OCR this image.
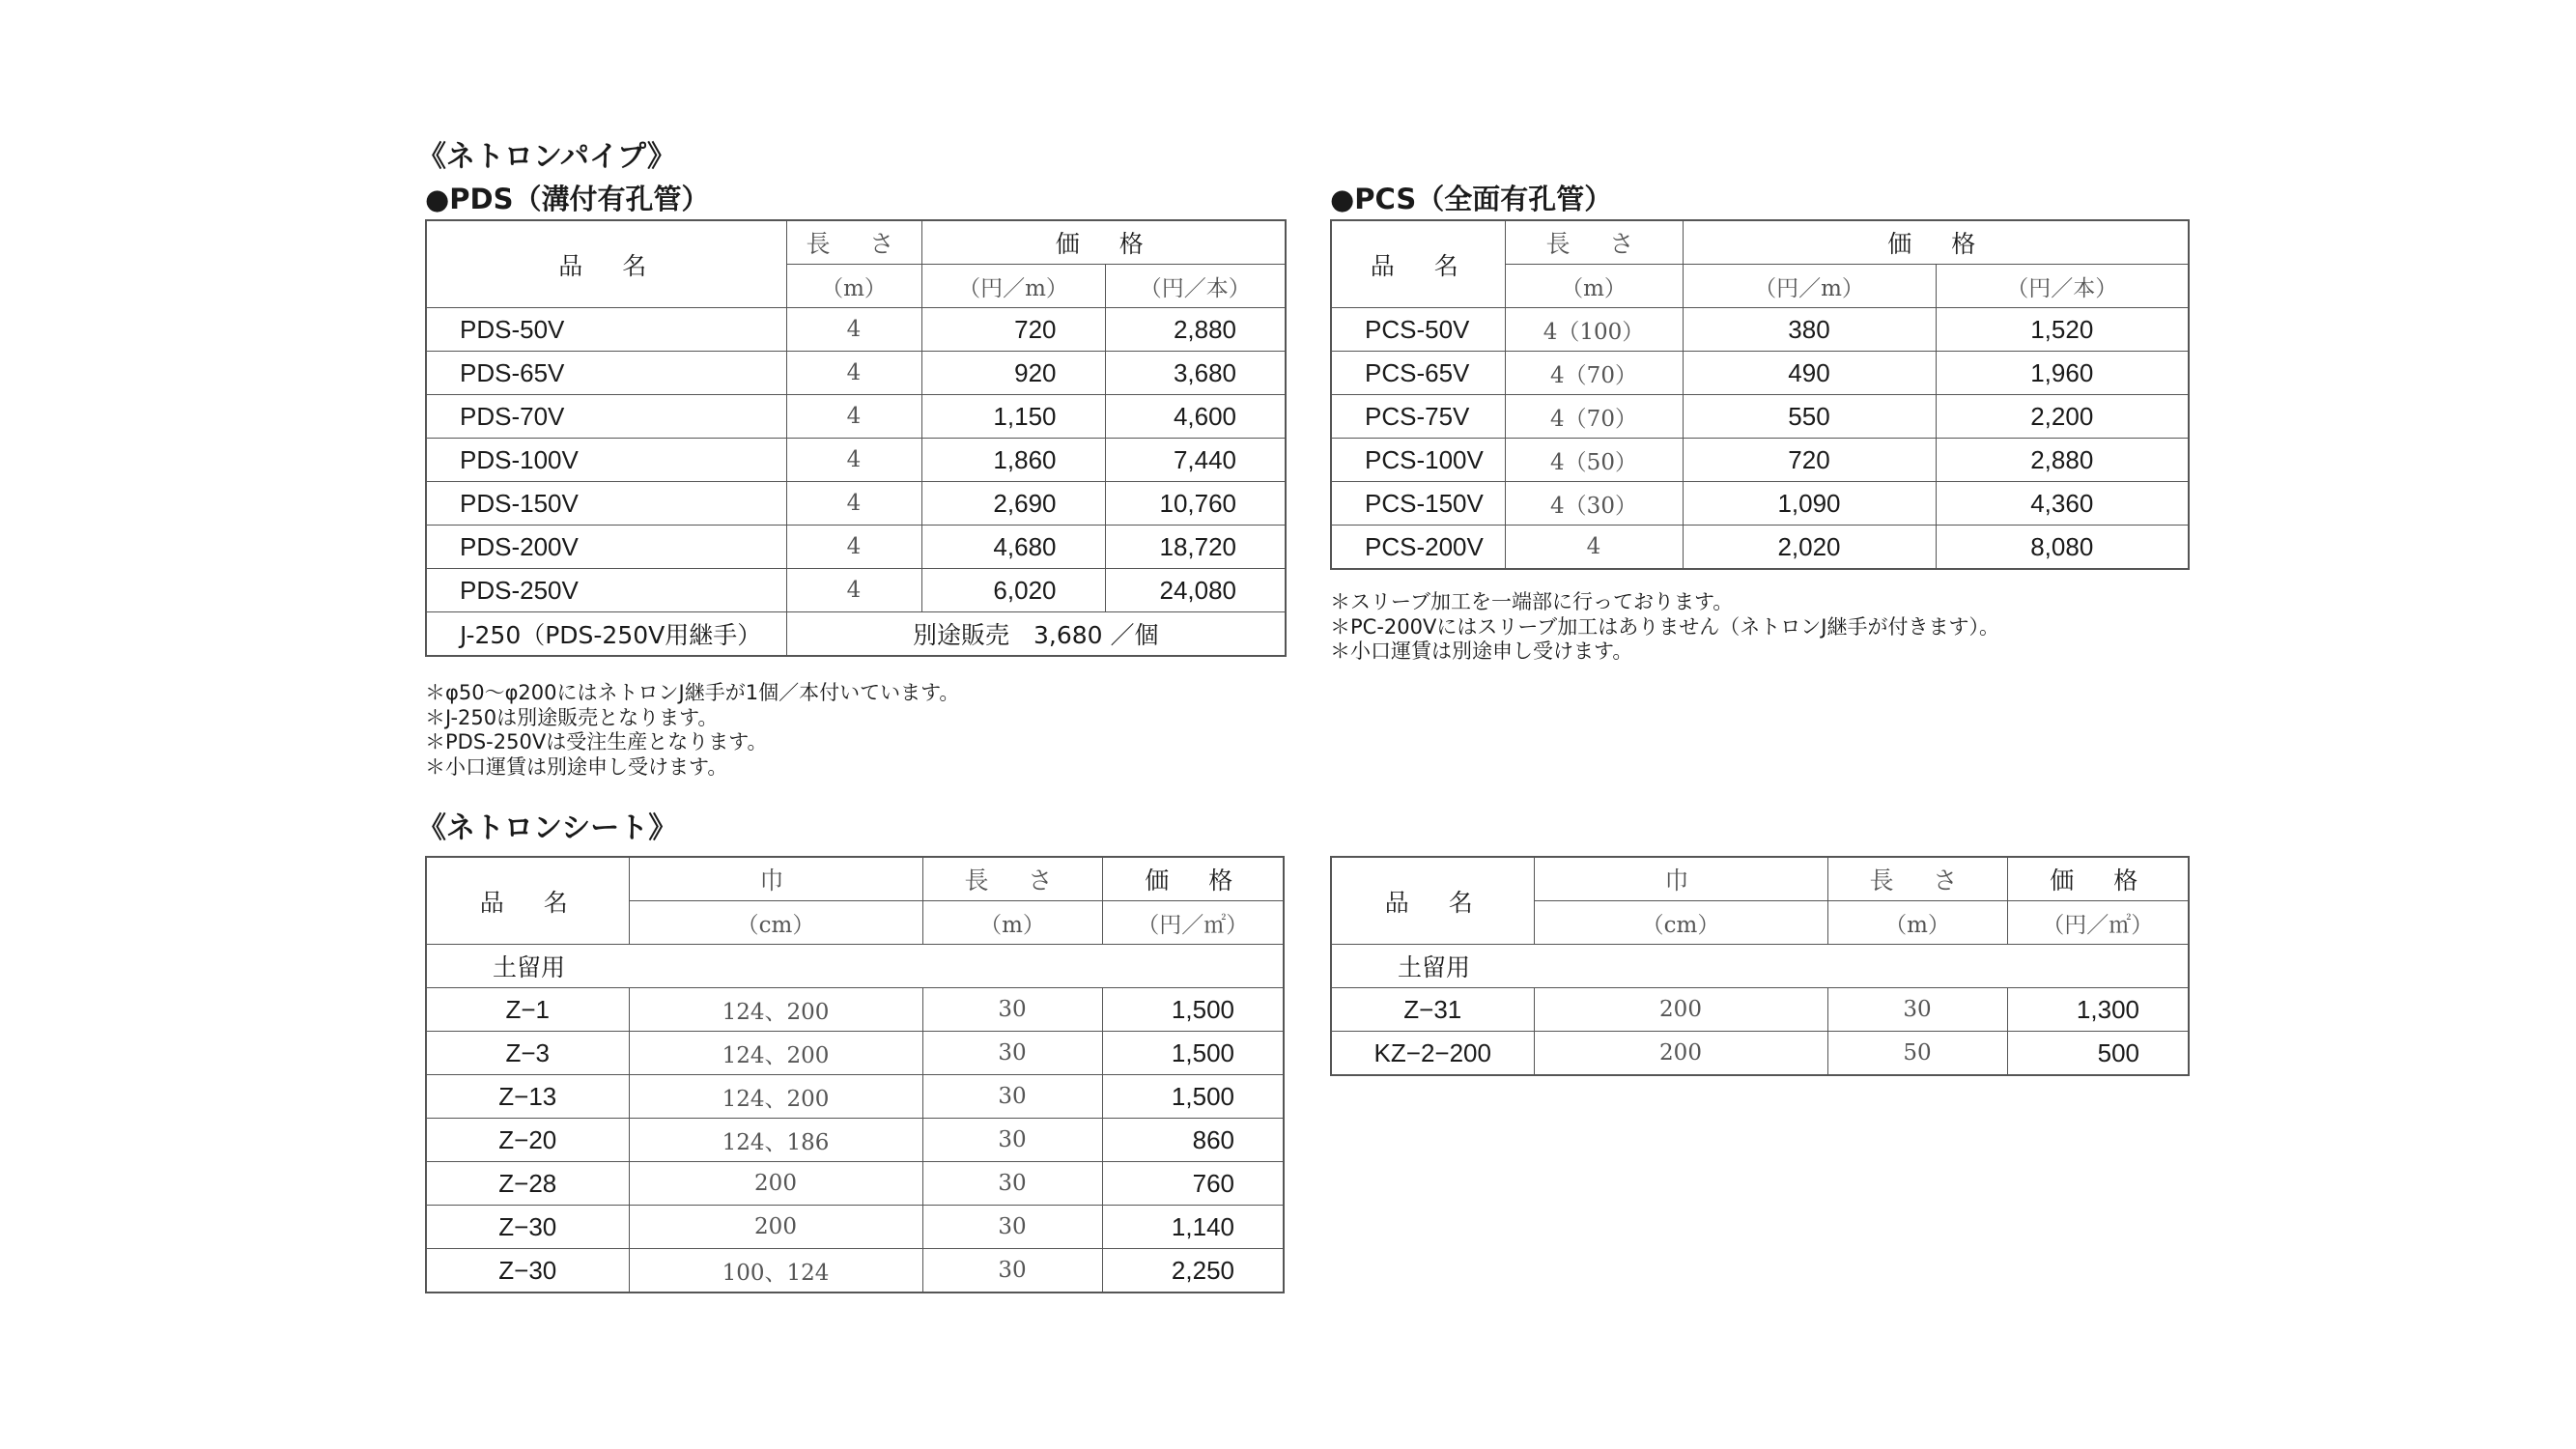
《ネトロンパイプ》
●PDS（溝付有孔管）
品　名	長　さ	価　格	
	（m）	（円／m）	（円／本）
PDS-50V	4	720	2,880
PDS-65V	4	920	3,680
PDS-70V	4	1,150	4,600
PDS-100V	4	1,860	7,440
PDS-150V	4	2,690	10,760
PDS-200V	4	4,680	18,720
PDS-250V	4	6,020	24,080
J-250（PDS-250V用継手）	別途販売　3,680 ／個		
＊φ50～φ200にはネトロンJ継手が1個／本付いています。
＊J-250は別途販売となります。
＊PDS-250Vは受注生産となります。
＊小口運賃は別途申し受けます。
●PCS（全面有孔管）
品　名	長　さ	価　格	
	（m）	（円／m）	（円／本）
PCS-50V	4（100）	380	1,520
PCS-65V	4（70）	490	1,960
PCS-75V	4（70）	550	2,200
PCS-100V	4（50）	720	2,880
PCS-150V	4（30）	1,090	4,360
PCS-200V	4	2,020	8,080
＊スリーブ加工を一端部に行っております。
＊PC-200Vにはスリーブ加工はありません（ネトロンJ継手が付きます）。
＊小口運賃は別途申し受けます。
《ネトロンシート》
品　名	巾	長　さ	価　格
	（cm）	（m）	（円／㎡）
土留用			
Z−1	124、200	30	1,500
Z−3	124、200	30	1,500
Z−13	124、200	30	1,500
Z−20	124、186	30	860
Z−28	200	30	760
Z−30	200	30	1,140
Z−30	100、124	30	2,250
品　名	巾	長　さ	価　格
	（cm）	（m）	（円／㎡）
土留用			
Z−31	200	30	1,300
KZ−2−200	200	50	500
